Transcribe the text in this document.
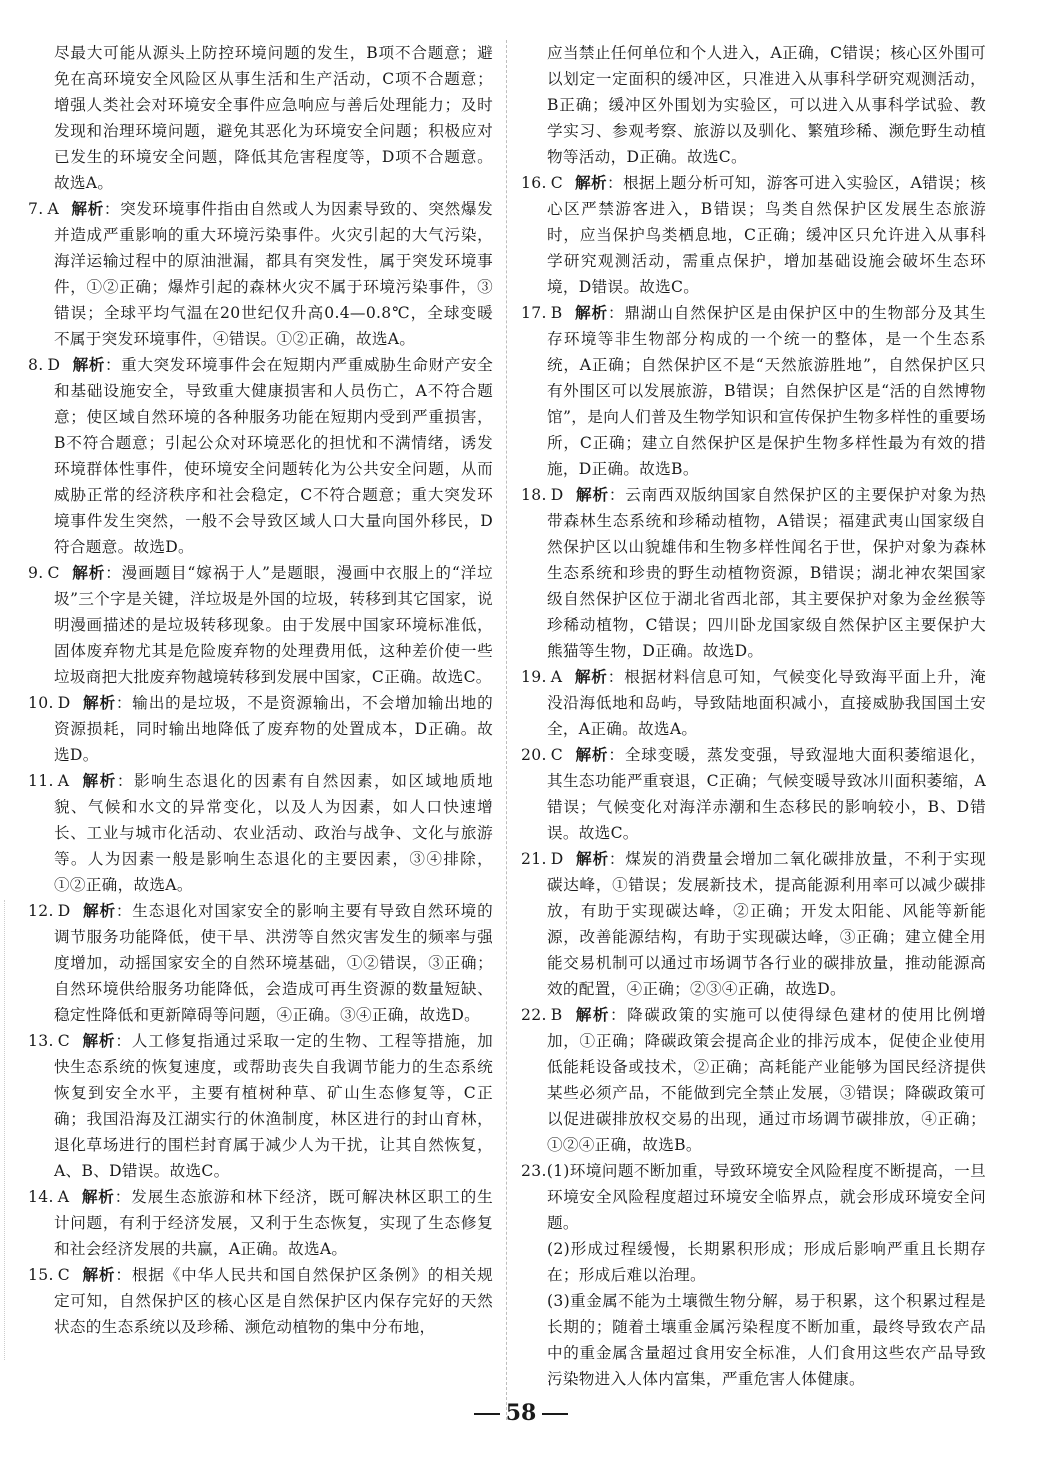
尽最大可能从源头上防控环境问题的发生，B项不合题意；避免在高环境安全风险区从事生活和生产活动，C项不合题意；增强人类社会对环境安全事件应急响应与善后处理能力；及时发现和治理环境问题，避免其恶化为环境安全问题；积极应对已发生的环境安全问题，降低其危害程度等，D项不合题意。故选A。

7. A 解析：突发环境事件指由自然或人为因素导致的、突然爆发并造成严重影响的重大环境污染事件。火灾引起的大气污染，海洋运输过程中的原油泄漏，都具有突发性，属于突发环境事件，①②正确；爆炸引起的森林火灾不属于环境污染事件，③错误；全球平均气温在20世纪仅升高0.4—0.8℃，全球变暖不属于突发环境事件，④错误。①②正确，故选A。

8. D 解析：重大突发环境事件会在短期内严重威胁生命财产安全和基础设施安全，导致重大健康损害和人员伤亡，A不符合题意；使区域自然环境的各种服务功能在短期内受到严重损害，B不符合题意；引起公众对环境恶化的担忧和不满情绪，诱发环境群体性事件，使环境安全问题转化为公共安全问题，从而威胁正常的经济秩序和社会稳定，C不符合题意；重大突发环境事件发生突然，一般不会导致区域人口大量向国外移民，D符合题意。故选D。

9. C 解析：漫画题目“嫁祸于人”是题眼，漫画中衣服上的“洋垃圾”三个字是关键，洋垃圾是外国的垃圾，转移到其它国家，说明漫画描述的是垃圾转移现象。由于发展中国家环境标准低，固体废弃物尤其是危险废弃物的处理费用低，这种差价使一些垃圾商把大批废弃物越境转移到发展中国家，C正确。故选C。

10. D 解析：输出的是垃圾，不是资源输出，不会增加输出地的资源损耗，同时输出地降低了废弃物的处置成本，D正确。故选D。

11. A 解析：影响生态退化的因素有自然因素，如区域地质地貌、气候和水文的异常变化，以及人为因素，如人口快速增长、工业与城市化活动、农业活动、政治与战争、文化与旅游等。人为因素一般是影响生态退化的主要因素，③④排除，①②正确，故选A。

12. D 解析：生态退化对国家安全的影响主要有导致自然环境的调节服务功能降低，使干旱、洪涝等自然灾害发生的频率与强度增加，动摇国家安全的自然环境基础，①②错误，③正确；自然环境供给服务功能降低，会造成可再生资源的数量短缺、稳定性降低和更新障碍等问题，④正确。③④正确，故选D。

13. C 解析：人工修复指通过采取一定的生物、工程等措施，加快生态系统的恢复速度，或帮助丧失自我调节能力的生态系统恢复到安全水平，主要有植树种草、矿山生态修复等，C正确；我国沿海及江湖实行的休渔制度，林区进行的封山育林，退化草场进行的围栏封育属于减少人为干扰，让其自然恢复，A、B、D错误。故选C。

14. A 解析：发展生态旅游和林下经济，既可解决林区职工的生计问题，有利于经济发展，又利于生态恢复，实现了生态修复和社会经济发展的共赢，A正确。故选A。

15. C 解析：根据《中华人民共和国自然保护区条例》的相关规定可知，自然保护区的核心区是自然保护区内保存完好的天然状态的生态系统以及珍稀、濒危动植物的集中分布地，

应当禁止任何单位和个人进入，A正确，C错误；核心区外围可以划定一定面积的缓冲区，只准进入从事科学研究观测活动，B正确；缓冲区外围划为实验区，可以进入从事科学试验、教学实习、参观考察、旅游以及驯化、繁殖珍稀、濒危野生动植物等活动，D正确。故选C。

16. C 解析：根据上题分析可知，游客可进入实验区，A错误；核心区严禁游客进入，B错误；鸟类自然保护区发展生态旅游时，应当保护鸟类栖息地，C正确；缓冲区只允许进入从事科学研究观测活动，需重点保护，增加基础设施会破坏生态环境，D错误。故选C。

17. B 解析：鼎湖山自然保护区是由保护区中的生物部分及其生存环境等非生物部分构成的一个统一的整体，是一个生态系统，A正确；自然保护区不是“天然旅游胜地”，自然保护区只有外围区可以发展旅游，B错误；自然保护区是“活的自然博物馆”，是向人们普及生物学知识和宣传保护生物多样性的重要场所，C正确；建立自然保护区是保护生物多样性最为有效的措施，D正确。故选B。

18. D 解析：云南西双版纳国家自然保护区的主要保护对象为热带森林生态系统和珍稀动植物，A错误；福建武夷山国家级自然保护区以山貌雄伟和生物多样性闻名于世，保护对象为森林生态系统和珍贵的野生动植物资源，B错误；湖北神农架国家级自然保护区位于湖北省西北部，其主要保护对象为金丝猴等珍稀动植物，C错误；四川卧龙国家级自然保护区主要保护大熊猫等生物，D正确。故选D。

19. A 解析：根据材料信息可知，气候变化导致海平面上升，淹没沿海低地和岛屿，导致陆地面积减小，直接威胁我国国土安全，A正确。故选A。

20. C 解析：全球变暖，蒸发变强，导致湿地大面积萎缩退化，其生态功能严重衰退，C正确；气候变暖导致冰川面积萎缩，A错误；气候变化对海洋赤潮和生态移民的影响较小，B、D错误。故选C。

21. D 解析：煤炭的消费量会增加二氧化碳排放量，不利于实现碳达峰，①错误；发展新技术，提高能源利用率可以减少碳排放，有助于实现碳达峰，②正确；开发太阳能、风能等新能源，改善能源结构，有助于实现碳达峰，③正确；建立健全用能交易机制可以通过市场调节各行业的碳排放量，推动能源高效的配置，④正确；②③④正确，故选D。

22. B 解析：降碳政策的实施可以使得绿色建材的使用比例增加，①正确；降碳政策会提高企业的排污成本，促使企业使用低能耗设备或技术，②正确；高耗能产业能够为国民经济提供某些必须产品，不能做到完全禁止发展，③错误；降碳政策可以促进碳排放权交易的出现，通过市场调节碳排放，④正确；①②④正确，故选B。

23.(1)环境问题不断加重，导致环境安全风险程度不断提高，一旦环境安全风险程度超过环境安全临界点，就会形成环境安全问题。

(2)形成过程缓慢，长期累积形成；形成后影响严重且长期存在；形成后难以治理。

(3)重金属不能为土壤微生物分解，易于积累，这个积累过程是长期的；随着土壤重金属污染程度不断加重，最终导致农产品中的重金属含量超过食用安全标准，人们食用这些农产品导致污染物进入人体内富集，严重危害人体健康。

58
